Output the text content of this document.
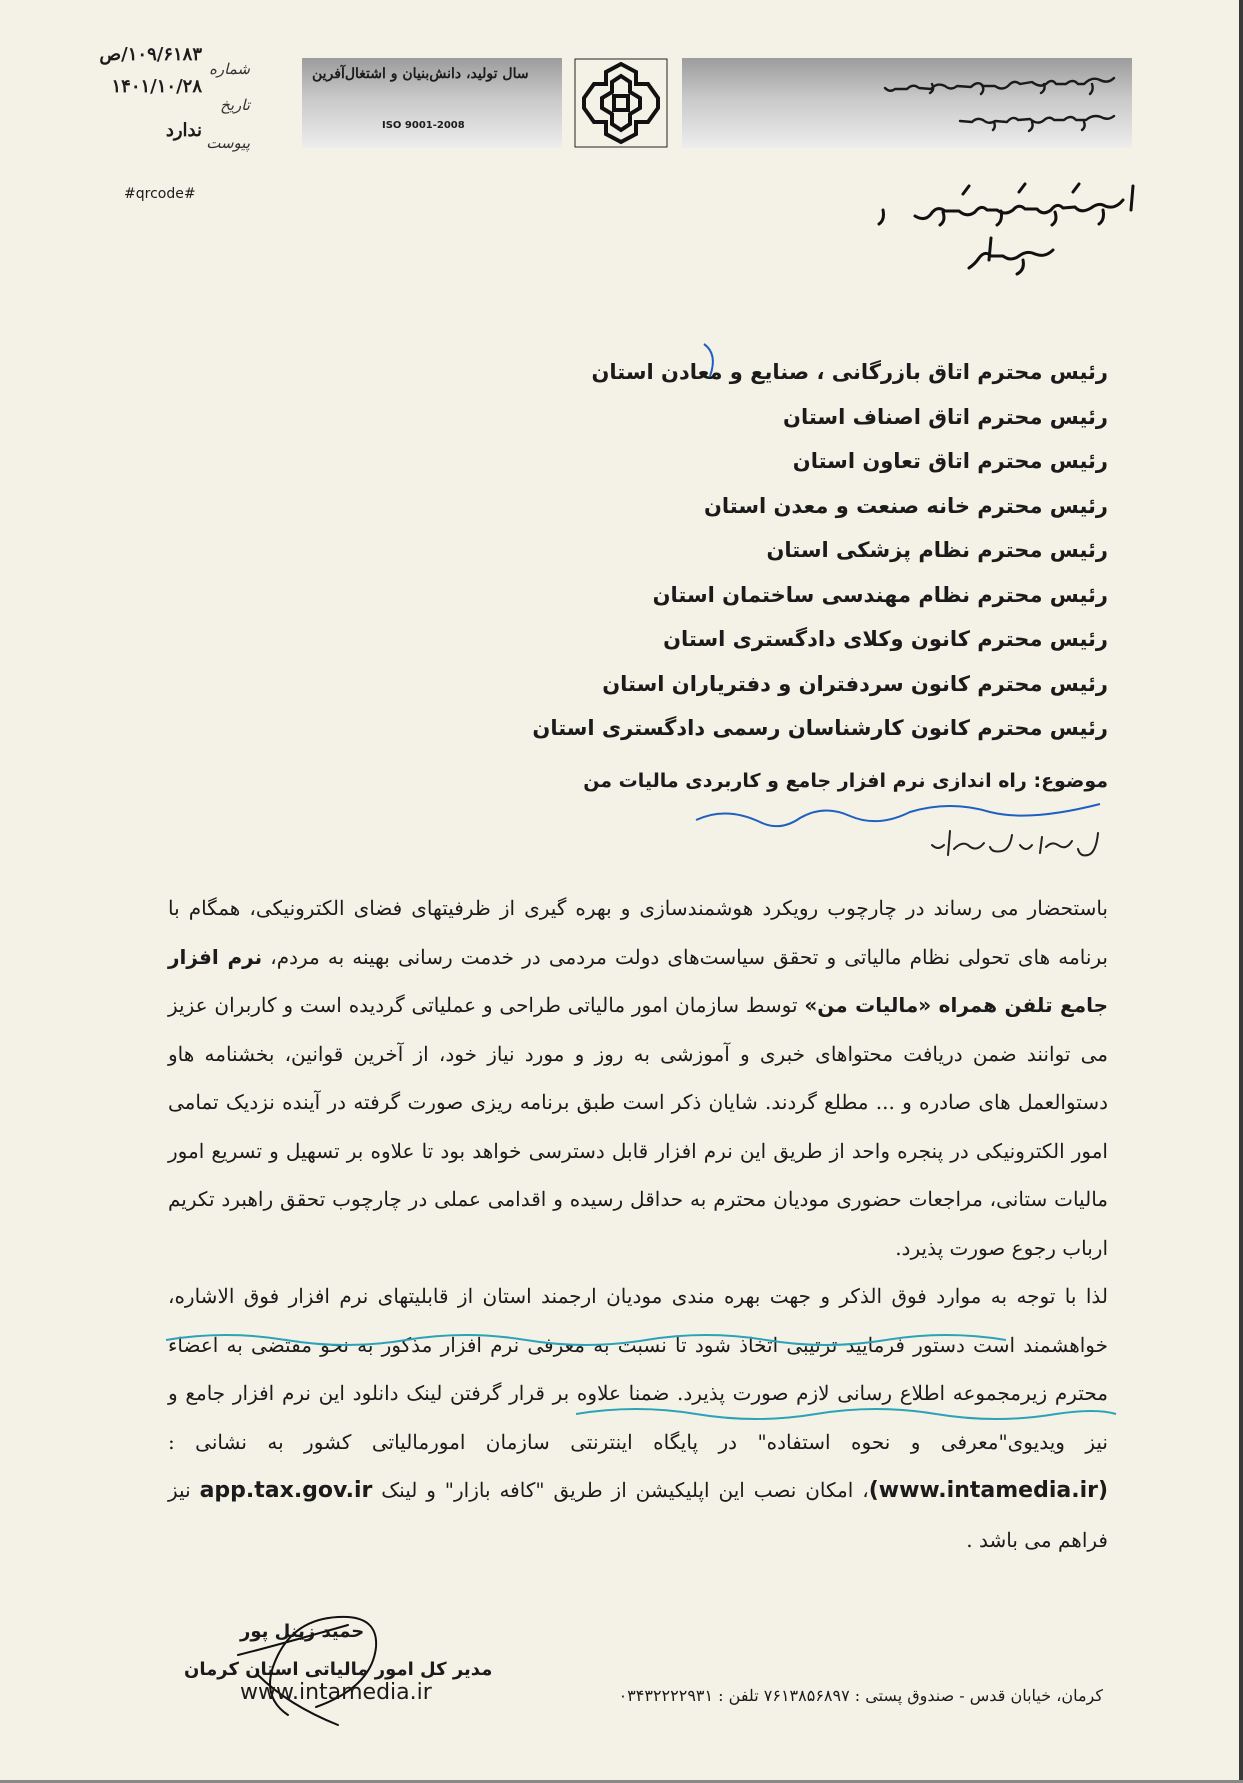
شماره
۱۰۹/۶۱۸۳/ص
تاریخ
۱۴۰۱/۱۰/۲۸
پیوست
ندارد
#qrcode#
سال تولید، دانش‌بنیان و اشتغال‌آفرین
ISO 9001-2008
رئیس محترم اتاق بازرگانی ، صنایع و معادن استان
رئیس محترم اتاق اصناف استان
رئیس محترم اتاق تعاون استان
رئیس محترم خانه صنعت و معدن استان
رئیس محترم نظام پزشکی استان
رئیس محترم نظام مهندسی ساختمان استان
رئیس محترم کانون وکلای دادگستری استان
رئیس محترم کانون سردفتران و دفتریاران استان
رئیس محترم کانون کارشناسان رسمی دادگستری استان
موضوع: راه اندازی نرم افزار جامع و کاربردی مالیات من

باستحضار می رساند در چارچوب رویکرد هوشمندسازی و بهره گیری از ظرفیتهای فضای الکترونیکی، همگام با برنامه های تحولی نظام مالیاتی و تحقق سیاست‌های دولت مردمی در خدمت رسانی بهینه به مردم، نرم افزار جامع تلفن همراه «مالیات من» توسط سازمان امور مالیاتی طراحی و عملیاتی گردیده است و کاربران عزیز می توانند ضمن دریافت محتواهای خبری و آموزشی به روز و مورد نیاز خود، از آخرین قوانین، بخشنامه هاو دستوالعمل های صادره و ... مطلع گردند. شایان ذکر است طبق برنامه ریزی صورت گرفته در آینده نزدیک تمامی امور الکترونیکی در پنجره واحد از طریق این نرم افزار قابل دسترسی خواهد بود تا علاوه بر تسهیل و تسریع امور مالیات ستانی، مراجعات حضوری مودیان محترم به حداقل رسیده و اقدامی عملی در چارچوب تحقق راهبرد تکریم ارباب رجوع صورت پذیرد.

لذا با توجه به موارد فوق الذکر و جهت بهره مندی مودیان ارجمند استان از قابلیتهای نرم افزار فوق الاشاره، خواهشمند است دستور فرمایید ترتیبی اتخاذ شود تا نسبت به معرفی نرم افزار مذکور به نحو مقتضی به اعضاء محترم زیرمجموعه اطلاع رسانی لازم صورت پذیرد. ضمنا علاوه بر قرار گرفتن لینک دانلود این نرم افزار جامع و نیز ویدیوی"معرفی و نحوه استفاده" در پایگاه اینترنتی سازمان امورمالیاتی کشور به نشانی : (www.intamedia.ir)، امکان نصب این اپلیکیشن از طریق "کافه بازار" و لینک app.tax.gov.ir نیز فراهم می باشد .

حمید زینل پور
مدیر کل امور مالیاتی استان کرمان
www.intamedia.ir	کرمان، خیابان قدس - صندوق پستی : ۷۶۱۳۸۵۶۸۹۷ تلفن : ۰۳۴۳۲۲۲۲۹۳۱
